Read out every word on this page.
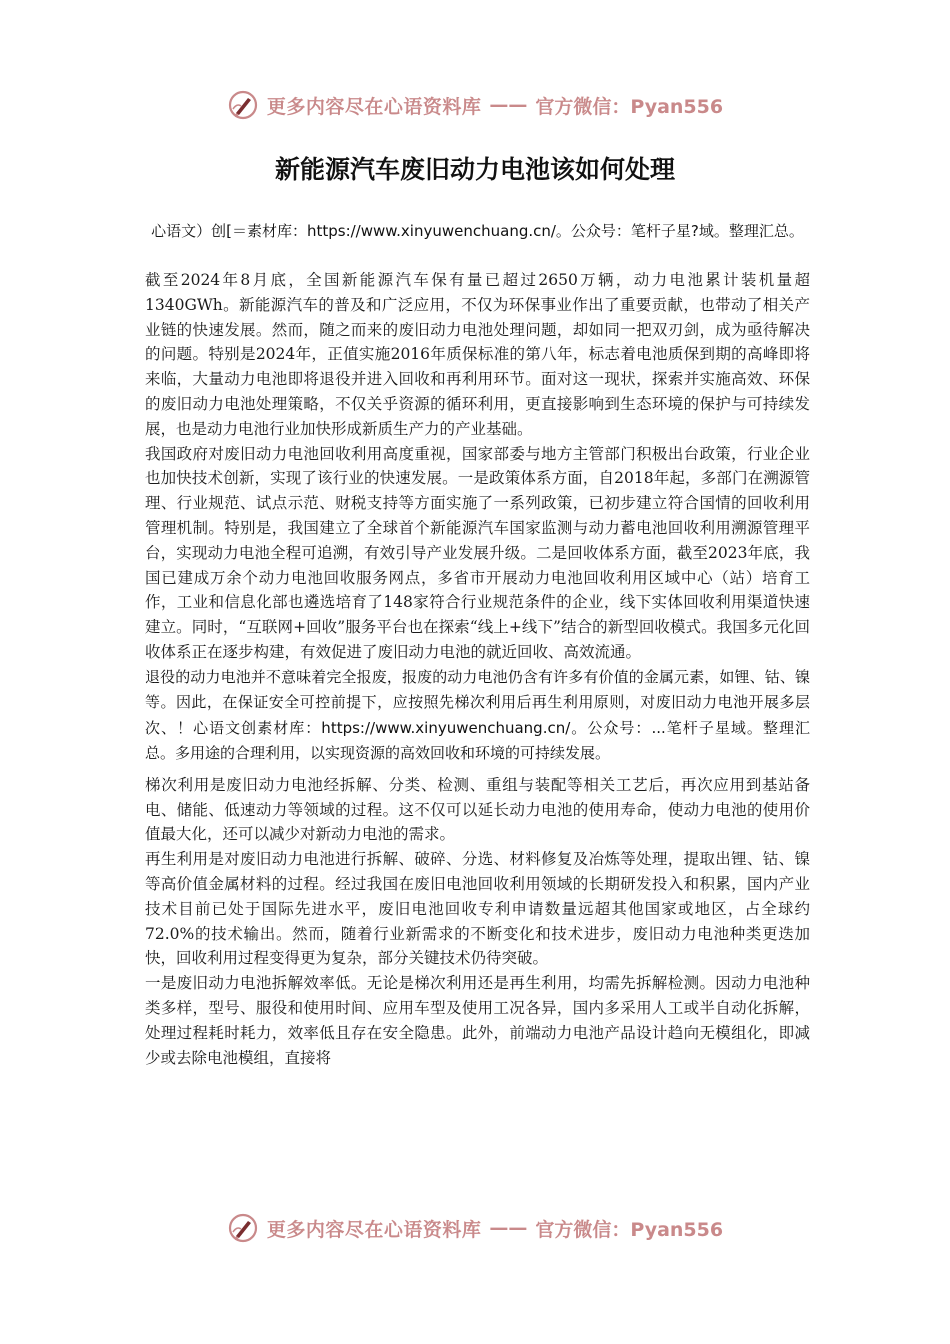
更多内容尽在心语资料库 —— 官方微信：Pyan556
新能源汽车废旧动力电池该如何处理

心语文）创[＝素材库：https://www.xinyuwenchuang.cn/。公众号：笔杆子星?域。整理汇总。

截至2024年8月底，全国新能源汽车保有量已超过2650万辆，动力电池累计装机量超1340GWh。新能源汽车的普及和广泛应用，不仅为环保事业作出了重要贡献，也带动了相关产业链的快速发展。然而，随之而来的废旧动力电池处理问题，却如同一把双刃剑，成为亟待解决的问题。特别是2024年，正值实施2016年质保标准的第八年，标志着电池质保到期的高峰即将来临，大量动力电池即将退役并进入回收和再利用环节。面对这一现状，探索并实施高效、环保的废旧动力电池处理策略，不仅关乎资源的循环利用，更直接影响到生态环境的保护与可持续发展，也是动力电池行业加快形成新质生产力的产业基础。

我国政府对废旧动力电池回收利用高度重视，国家部委与地方主管部门积极出台政策，行业企业也加快技术创新，实现了该行业的快速发展。一是政策体系方面，自2018年起，多部门在溯源管理、行业规范、试点示范、财税支持等方面实施了一系列政策，已初步建立符合国情的回收利用管理机制。特别是，我国建立了全球首个新能源汽车国家监测与动力蓄电池回收利用溯源管理平台，实现动力电池全程可追溯，有效引导产业发展升级。二是回收体系方面，截至2023年底，我国已建成万余个动力电池回收服务网点，多省市开展动力电池回收利用区域中心（站）培育工作，工业和信息化部也遴选培育了148家符合行业规范条件的企业，线下实体回收利用渠道快速建立。同时，“互联网+回收”服务平台也在探索“线上+线下”结合的新型回收模式。我国多元化回收体系正在逐步构建，有效促进了废旧动力电池的就近回收、高效流通。

退役的动力电池并不意味着完全报废，报废的动力电池仍含有许多有价值的金属元素，如锂、钴、镍等。因此，在保证安全可控前提下，应按照先梯次利用后再生利用原则，对废旧动力电池开展多层次、！心语文创素材库：https://www.xinyuwenchuang.cn/。公众号：...笔杆子星域。整理汇总。多用途的合理利用，以实现资源的高效回收和环境的可持续发展。

梯次利用是废旧动力电池经拆解、分类、检测、重组与装配等相关工艺后，再次应用到基站备电、储能、低速动力等领域的过程。这不仅可以延长动力电池的使用寿命，使动力电池的使用价值最大化，还可以减少对新动力电池的需求。

再生利用是对废旧动力电池进行拆解、破碎、分选、材料修复及冶炼等处理，提取出锂、钴、镍等高价值金属材料的过程。经过我国在废旧电池回收利用领域的长期研发投入和积累，国内产业技术目前已处于国际先进水平，废旧电池回收专利申请数量远超其他国家或地区，占全球约72.0%的技术输出。然而，随着行业新需求的不断变化和技术进步，废旧动力电池种类更迭加快，回收利用过程变得更为复杂，部分关键技术仍待突破。

一是废旧动力电池拆解效率低。无论是梯次利用还是再生利用，均需先拆解检测。因动力电池种类多样，型号、服役和使用时间、应用车型及使用工况各异，国内多采用人工或半自动化拆解，处理过程耗时耗力，效率低且存在安全隐患。此外，前端动力电池产品设计趋向无模组化，即减少或去除电池模组，直接将

更多内容尽在心语资料库 —— 官方微信：Pyan556
